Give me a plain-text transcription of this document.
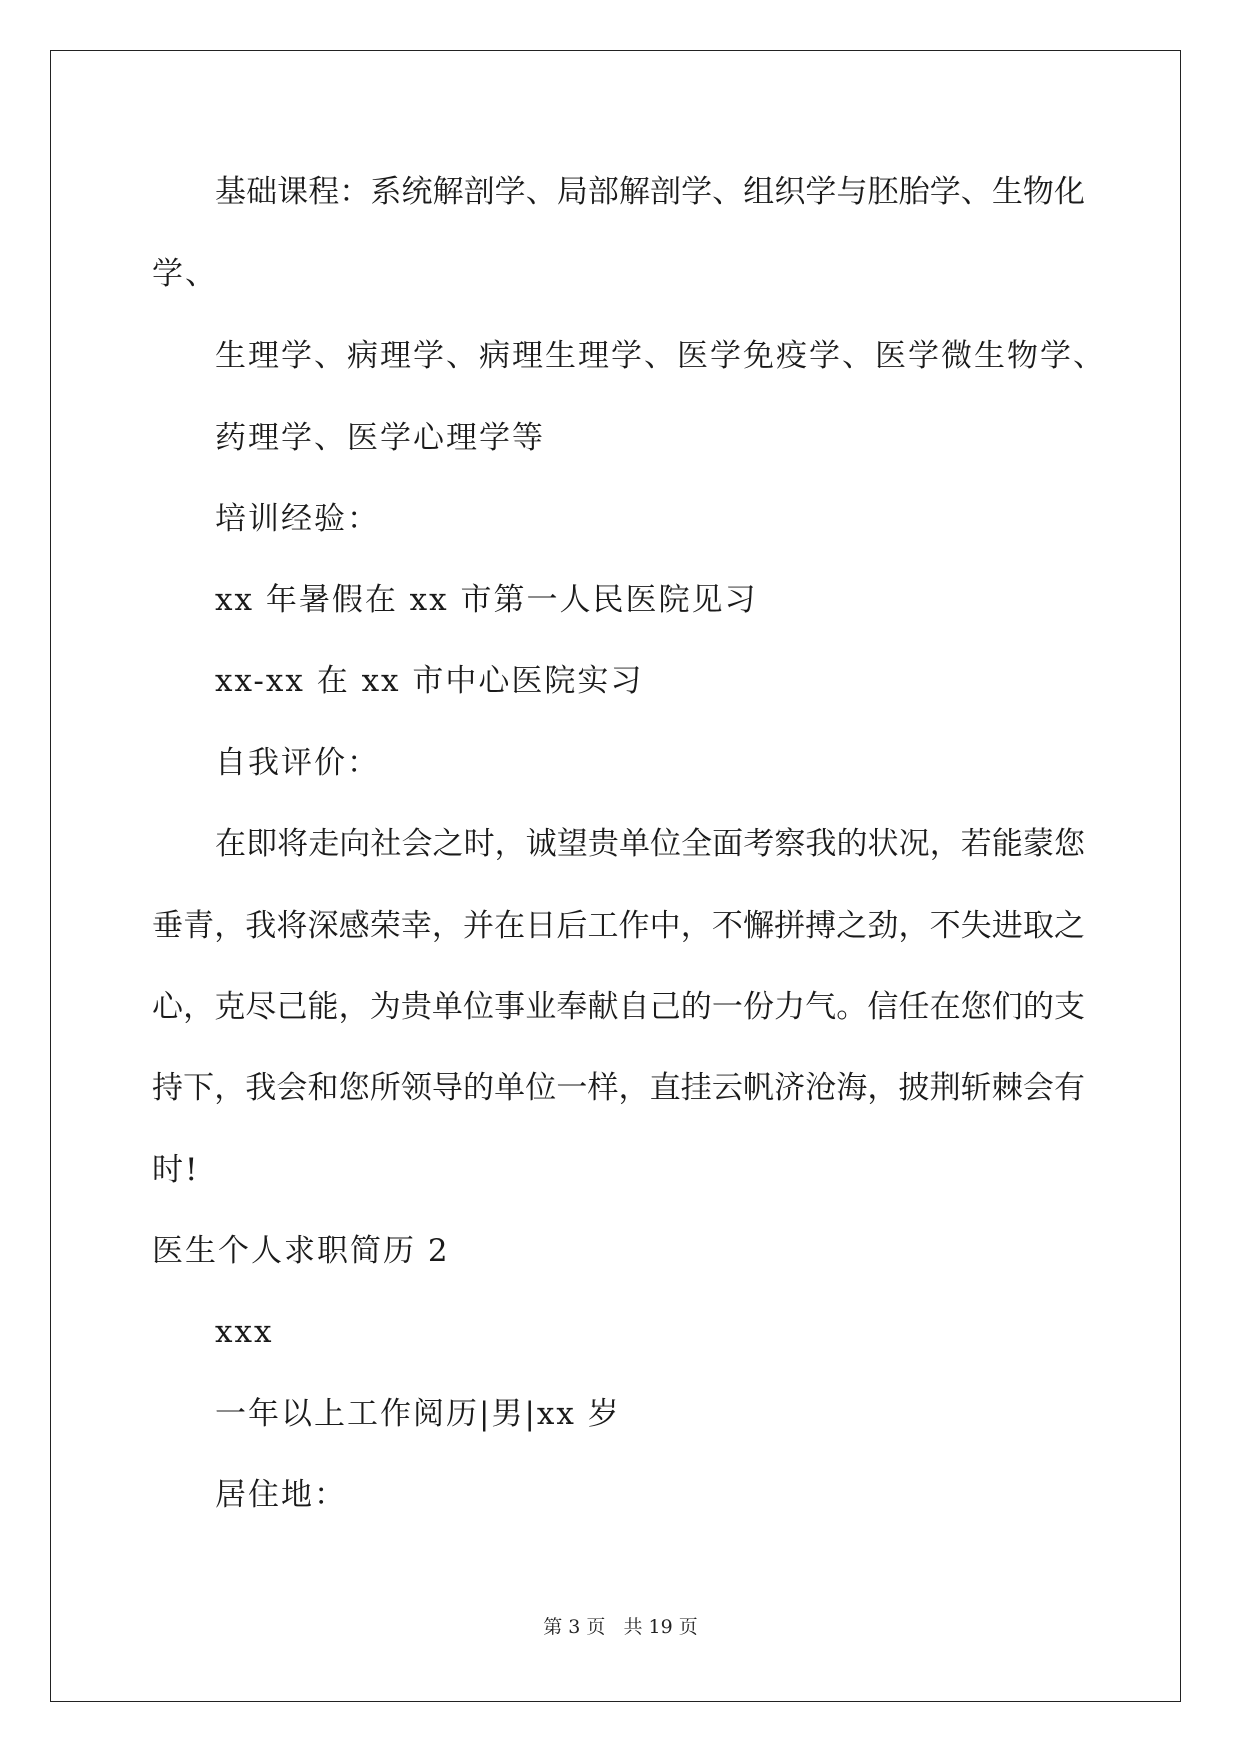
基础课程：系统解剖学、局部解剖学、组织学与胚胎学、生物化

学、

生理学、病理学、病理生理学、医学免疫学、医学微生物学、

药理学、医学心理学等

培训经验：

xx 年暑假在 xx 市第一人民医院见习

xx-xx 在 xx 市中心医院实习

自我评价：

在即将走向社会之时，诚望贵单位全面考察我的状况，若能蒙您

垂青，我将深感荣幸，并在日后工作中，不懈拼搏之劲，不失进取之

心，克尽己能，为贵单位事业奉献自己的一份力气。信任在您们的支

持下，我会和您所领导的单位一样，直挂云帆济沧海，披荆斩棘会有

时!

医生个人求职简历 2

xxx

一年以上工作阅历|男|xx 岁

居住地：

第 3 页 共 19 页
